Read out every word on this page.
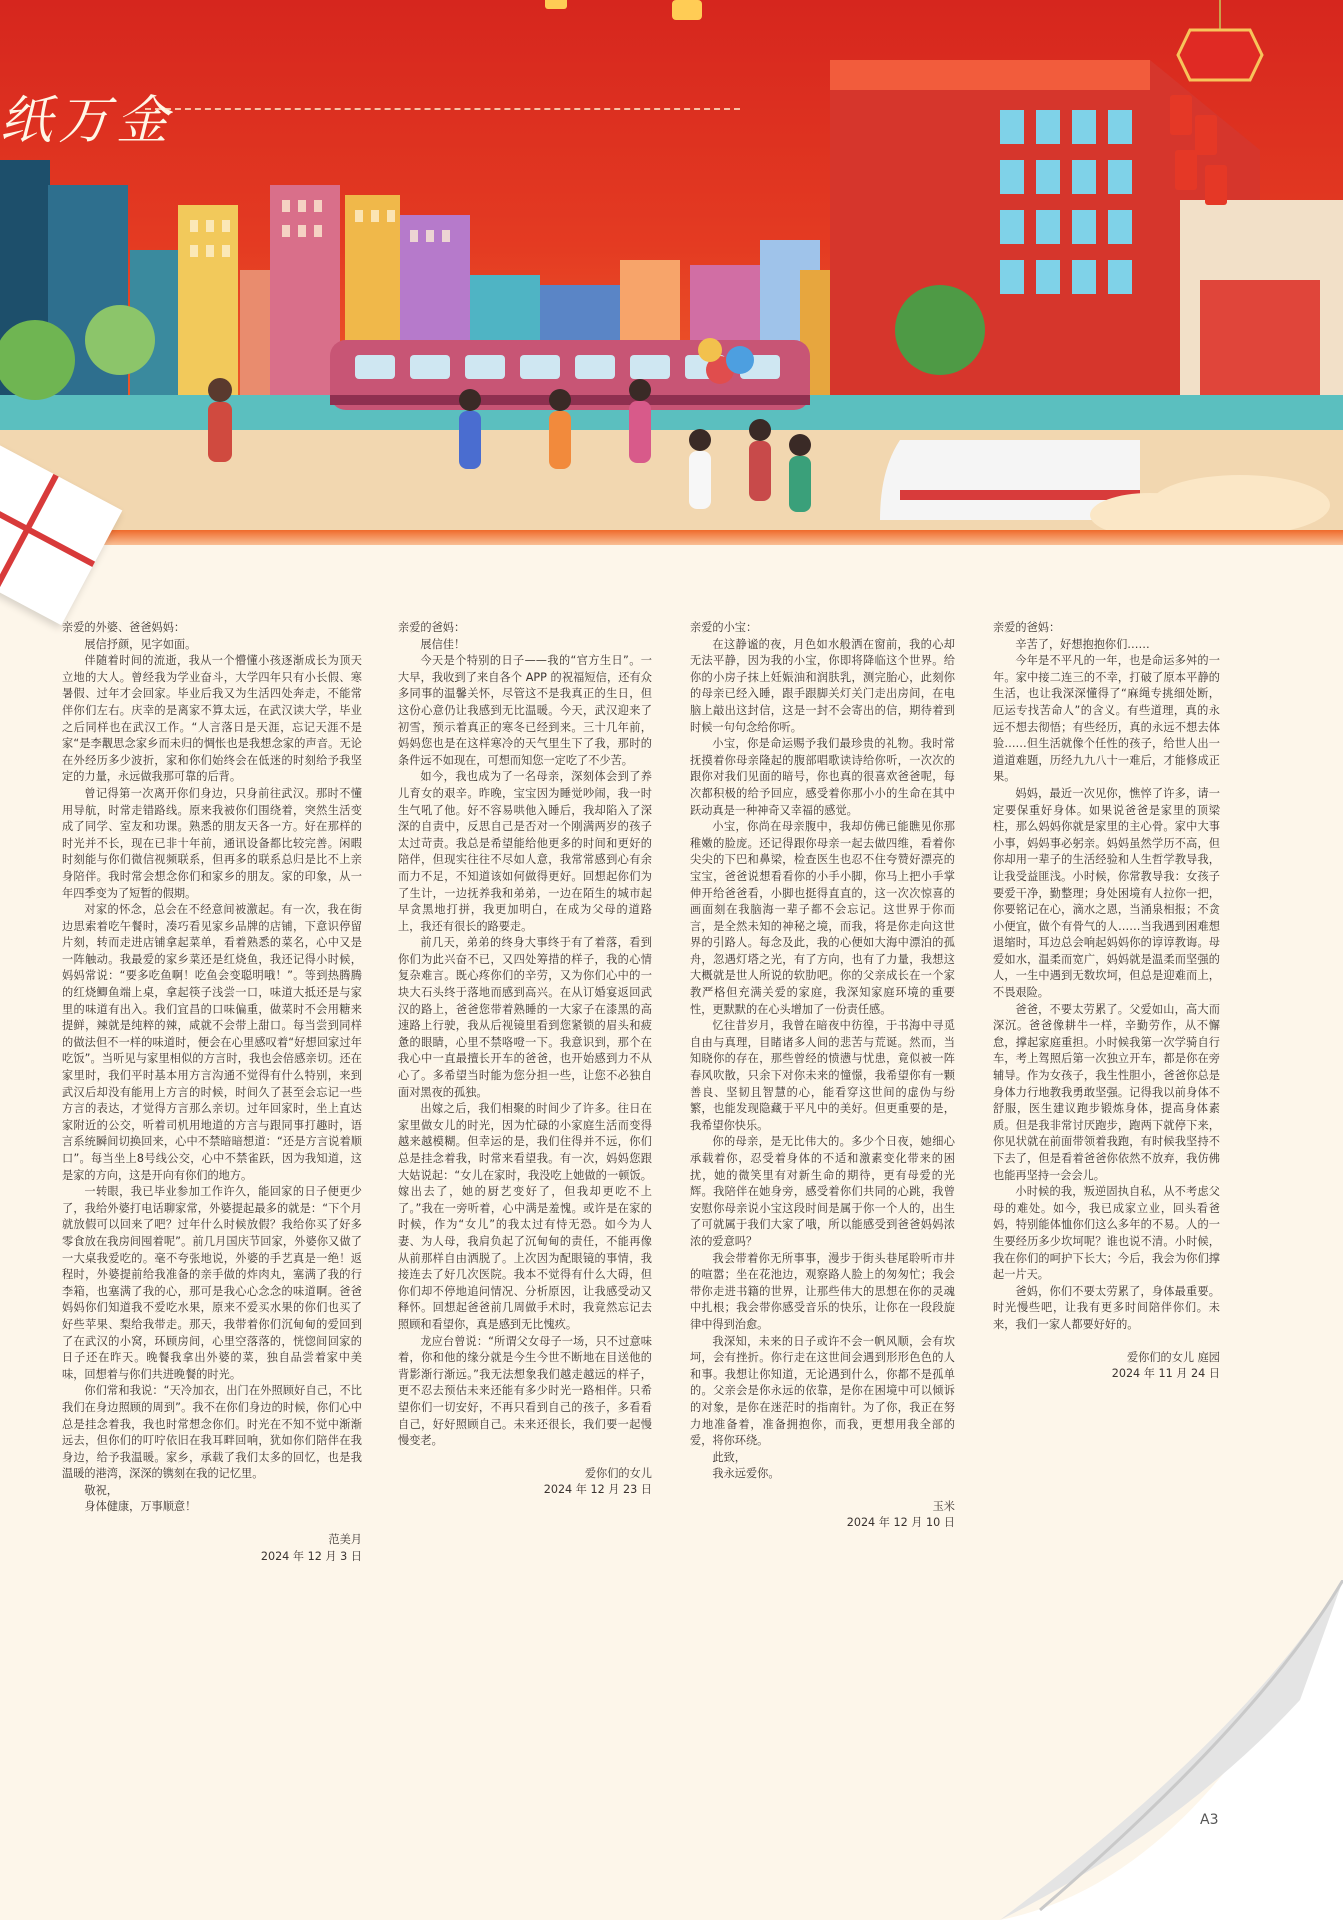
纸万金
亲爱的外婆、爸爸妈妈：

展信抒颜，见字如面。

伴随着时间的流逝，我从一个懵懂小孩逐渐成长为顶天立地的大人。曾经我为学业奋斗，大学四年只有小长假、寒暑假、过年才会回家。毕业后我又为生活四处奔走，不能常伴你们左右。庆幸的是离家不算太远，在武汉读大学，毕业之后同样也在武汉工作。“人言落日是天涯，忘记天涯不是家“是李觏思念家乡而未归的惆怅也是我想念家的声音。无论在外经历多少波折，家和你们始终会在低迷的时刻给予我坚定的力量，永远做我那可靠的后背。

曾记得第一次离开你们身边，只身前往武汉。那时不懂用导航，时常走错路线。原来我被你们围绕着，突然生活变成了同学、室友和功课。熟悉的朋友天各一方。好在那样的时光并不长，现在已非十年前，通讯设备都比较完善。闲暇时刻能与你们微信视频联系，但再多的联系总归是比不上亲身陪伴。我时常会想念你们和家乡的朋友。家的印象，从一年四季变为了短暂的假期。

对家的怀念，总会在不经意间被激起。有一次，我在街边思索着吃午餐时，凑巧看见家乡品牌的店铺，下意识停留片刻，转而走进店铺拿起菜单，看着熟悉的菜名，心中又是一阵触动。我最爱的家乡菜还是红烧鱼，我还记得小时候，妈妈常说：“要多吃鱼啊！吃鱼会变聪明哦！”。等到热腾腾的红烧鲫鱼端上桌，拿起筷子浅尝一口，味道大抵还是与家里的味道有出入。我们宜昌的口味偏重，做菜时不会用糖来提鲜，辣就是纯粹的辣，咸就不会带上甜口。每当尝到同样的做法但不一样的味道时，便会在心里感叹着“好想回家过年吃饭”。当听见与家里相似的方言时，我也会倍感亲切。还在家里时，我们平时基本用方言沟通不觉得有什么特别，来到武汉后却没有能用上方言的时候，时间久了甚至会忘记一些方言的表达，才觉得方言那么亲切。过年回家时，坐上直达家附近的公交，听着司机用地道的方言与跟同事打趣时，语言系统瞬间切换回来，心中不禁暗暗想道：“还是方言说着顺口”。每当坐上8号线公交，心中不禁雀跃，因为我知道，这是家的方向，这是开向有你们的地方。

一转眼，我已毕业参加工作许久，能回家的日子便更少了，我给外婆打电话聊家常，外婆提起最多的就是：“下个月就放假可以回来了吧？过年什么时候放假？我给你买了好多零食放在我房间囤着呢”。前几月国庆节回家，外婆你又做了一大桌我爱吃的。毫不夸张地说，外婆的手艺真是一绝！返程时，外婆提前给我准备的亲手做的炸肉丸，塞满了我的行李箱，也塞满了我的心，那可是我心心念念的味道啊。爸爸妈妈你们知道我不爱吃水果，原来不爱买水果的你们也买了好些苹果、梨给我带走。那天，我带着你们沉甸甸的爱回到了在武汉的小窝，环顾房间，心里空落落的，恍惚间回家的日子还在昨天。晚餐我拿出外婆的菜，独自品尝着家中美味，回想着与你们共进晚餐的时光。

你们常和我说：“天冷加衣，出门在外照顾好自己，不比我们在身边照顾的周到”。我不在你们身边的时候，你们心中总是挂念着我，我也时常想念你们。时光在不知不觉中渐渐远去，但你们的叮咛依旧在我耳畔回响，犹如你们陪伴在我身边，给予我温暖。家乡，承载了我们太多的回忆，也是我温暖的港湾，深深的镌刻在我的记忆里。

敬祝，

身体健康，万事顺意！

范美月

2024 年 12 月 3 日

亲爱的爸妈：

展信佳！

今天是个特别的日子——我的“官方生日”。一大早，我收到了来自各个 APP 的祝福短信，还有众多同事的温馨关怀，尽管这不是我真正的生日，但这份心意仍让我感到无比温暖。今天，武汉迎来了初雪，预示着真正的寒冬已经到来。三十几年前，妈妈您也是在这样寒冷的天气里生下了我，那时的条件远不如现在，可想而知您一定吃了不少苦。

如今，我也成为了一名母亲，深刻体会到了养儿育女的艰辛。昨晚，宝宝因为睡觉吵闹，我一时生气吼了他。好不容易哄他入睡后，我却陷入了深深的自责中，反思自己是否对一个刚满两岁的孩子太过苛责。我总是希望能给他更多的时间和更好的陪伴，但现实往往不尽如人意，我常常感到心有余而力不足，不知道该如何做得更好。回想起你们为了生计，一边抚养我和弟弟，一边在陌生的城市起早贪黑地打拼，我更加明白，在成为父母的道路上，我还有很长的路要走。

前几天，弟弟的终身大事终于有了着落，看到你们为此兴奋不已，又四处筹措的样子，我的心情复杂难言。既心疼你们的辛劳，又为你们心中的一块大石头终于落地而感到高兴。在从订婚宴返回武汉的路上，爸爸您带着熟睡的一大家子在漆黑的高速路上行驶，我从后视镜里看到您紧锁的眉头和疲惫的眼睛，心里不禁咯噔一下。我意识到，那个在我心中一直最擅长开车的爸爸，也开始感到力不从心了。多希望当时能为您分担一些，让您不必独自面对黑夜的孤独。

出嫁之后，我们相聚的时间少了许多。往日在家里做女儿的时光，因为忙碌的小家庭生活而变得越来越模糊。但幸运的是，我们住得并不远，你们总是挂念着我，时常来看望我。有一次，妈妈您跟大姑说起：“女儿在家时，我没吃上她做的一顿饭。嫁出去了，她的厨艺变好了，但我却更吃不上了。”我在一旁听着，心中满是羞愧。或许是在家的时候，作为“女儿”的我太过有恃无恐。如今为人妻、为人母，我肩负起了沉甸甸的责任，不能再像从前那样自由洒脱了。上次因为配眼镜的事情，我接连去了好几次医院。我本不觉得有什么大碍，但你们却不停地追问情况、分析原因，让我感受动又释怀。回想起爸爸前几周做手术时，我竟然忘记去照顾和看望你，真是感到无比愧疚。

龙应台曾说：“所谓父女母子一场，只不过意味着，你和他的缘分就是今生今世不断地在目送他的背影渐行渐远。”我无法想象我们越走越远的样子，更不忍去预估未来还能有多少时光一路相伴。只希望你们一切安好，不再只看到自己的孩子，多看看自己，好好照顾自己。未来还很长，我们要一起慢慢变老。

爱你们的女儿

2024 年 12 月 23 日

亲爱的小宝：

在这静谧的夜，月色如水般洒在窗前，我的心却无法平静，因为我的小宝，你即将降临这个世界。给你的小房子抹上妊娠油和润肤乳，测完胎心，此刻你的母亲已经入睡，跟手跟脚关灯关门走出房间，在电脑上敲出这封信，这是一封不会寄出的信，期待着到时候一句句念给你听。

小宝，你是命运赐予我们最珍贵的礼物。我时常抚摸着你母亲隆起的腹部唱歌读诗给你听，一次次的跟你对我们见面的暗号，你也真的很喜欢爸爸呢，每次都积极的给予回应，感受着你那小小的生命在其中跃动真是一种神奇又幸福的感觉。

小宝，你尚在母亲腹中，我却仿佛已能瞧见你那稚嫩的脸庞。还记得跟你母亲一起去做四维，看着你尖尖的下巴和鼻梁，检查医生也忍不住夸赞好漂亮的宝宝，爸爸说想看看你的小手小脚，你马上把小手掌伸开给爸爸看，小脚也挺得直直的，这一次次惊喜的画面刻在我脑海一辈子都不会忘记。这世界于你而言，是全然未知的神秘之境，而我，将是你走向这世界的引路人。每念及此，我的心便如大海中漂泊的孤舟，忽遇灯塔之光，有了方向，也有了力量，我想这大概就是世人所说的软肋吧。你的父亲成长在一个家教严格但充满关爱的家庭，我深知家庭环境的重要性，更默默的在心头增加了一份责任感。

忆往昔岁月，我曾在暗夜中彷徨，于书海中寻觅自由与真理，目睹诸多人间的悲苦与荒诞。然而，当知晓你的存在，那些曾经的愤懑与忧患，竟似被一阵春风吹散，只余下对你未来的憧憬，我希望你有一颗善良、坚韧且智慧的心，能看穿这世间的虚伪与纷繁，也能发现隐藏于平凡中的美好。但更重要的是，我希望你快乐。

你的母亲，是无比伟大的。多少个日夜，她细心承载着你，忍受着身体的不适和激素变化带来的困扰，她的微笑里有对新生命的期待，更有母爱的光辉。我陪伴在她身旁，感受着你们共同的心跳，我曾安慰你母亲说小宝这段时间是属于你一个人的，出生了可就属于我们大家了哦，所以能感受到爸爸妈妈浓浓的爱意吗？

我会带着你无所事事，漫步于街头巷尾聆听市井的喧嚣；坐在花池边，观察路人脸上的匆匆忙；我会带你走进书籍的世界，让那些伟大的思想在你的灵魂中扎根；我会带你感受音乐的快乐，让你在一段段旋律中得到治愈。

我深知，未来的日子或许不会一帆风顺，会有坎坷，会有挫折。你行走在这世间会遇到形形色色的人和事。我想让你知道，无论遇到什么，你都不是孤单的。父亲会是你永远的依靠，是你在困境中可以倾诉的对象，是你在迷茫时的指南针。为了你，我正在努力地准备着，准备拥抱你，而我，更想用我全部的爱，将你环绕。

此致，

我永远爱你。

玉米

2024 年 12 月 10 日

亲爱的爸妈：

辛苦了，好想抱抱你们……

今年是不平凡的一年，也是命运多舛的一年。家中接二连三的不幸，打破了原本平静的生活，也让我深深懂得了“麻绳专挑细处断，厄运专找苦命人”的含义。有些道理，真的永远不想去彻悟；有些经历，真的永远不想去体验……但生活就像个任性的孩子，给世人出一道道难题，历经九九八十一难后，才能修成正果。

妈妈，最近一次见你，憔悴了许多，请一定要保重好身体。如果说爸爸是家里的顶梁柱，那么妈妈你就是家里的主心骨。家中大事小事，妈妈事必躬亲。妈妈虽然学历不高，但你却用一辈子的生活经验和人生哲学教导我，让我受益匪浅。小时候，你常教导我：女孩子要爱干净，勤整理；身处困境有人拉你一把，你要铭记在心，滴水之恩，当涌泉相报；不贪小便宜，做个有骨气的人……当我遇到困难想退缩时，耳边总会响起妈妈你的谆谆教诲。母爱如水，温柔而宽广，妈妈就是温柔而坚强的人，一生中遇到无数坎坷，但总是迎难而上，不畏艰险。

爸爸，不要太劳累了。父爱如山，高大而深沉。爸爸像耕牛一样，辛勤劳作，从不懈怠，撑起家庭重担。小时候我第一次学骑自行车，考上驾照后第一次独立开车，都是你在旁辅导。作为女孩子，我生性胆小，爸爸你总是身体力行地教我勇敢坚强。记得我以前身体不舒服，医生建议跑步锻炼身体，提高身体素质。但是我非常讨厌跑步，跑两下就停下来，你见状就在前面带领着我跑，有时候我坚持不下去了，但是看着爸爸你依然不放弃，我仿佛也能再坚持一会会儿。

小时候的我，叛逆固执自私，从不考虑父母的难处。如今，我已成家立业，回头看爸妈，特别能体恤你们这么多年的不易。人的一生要经历多少坎坷呢？谁也说不清。小时候，我在你们的呵护下长大；今后，我会为你们撑起一片天。

爸妈，你们不要太劳累了，身体最重要。时光慢些吧，让我有更多时间陪伴你们。未来，我们一家人都要好好的。

爱你们的女儿 庭园

2024 年 11 月 24 日

A3
